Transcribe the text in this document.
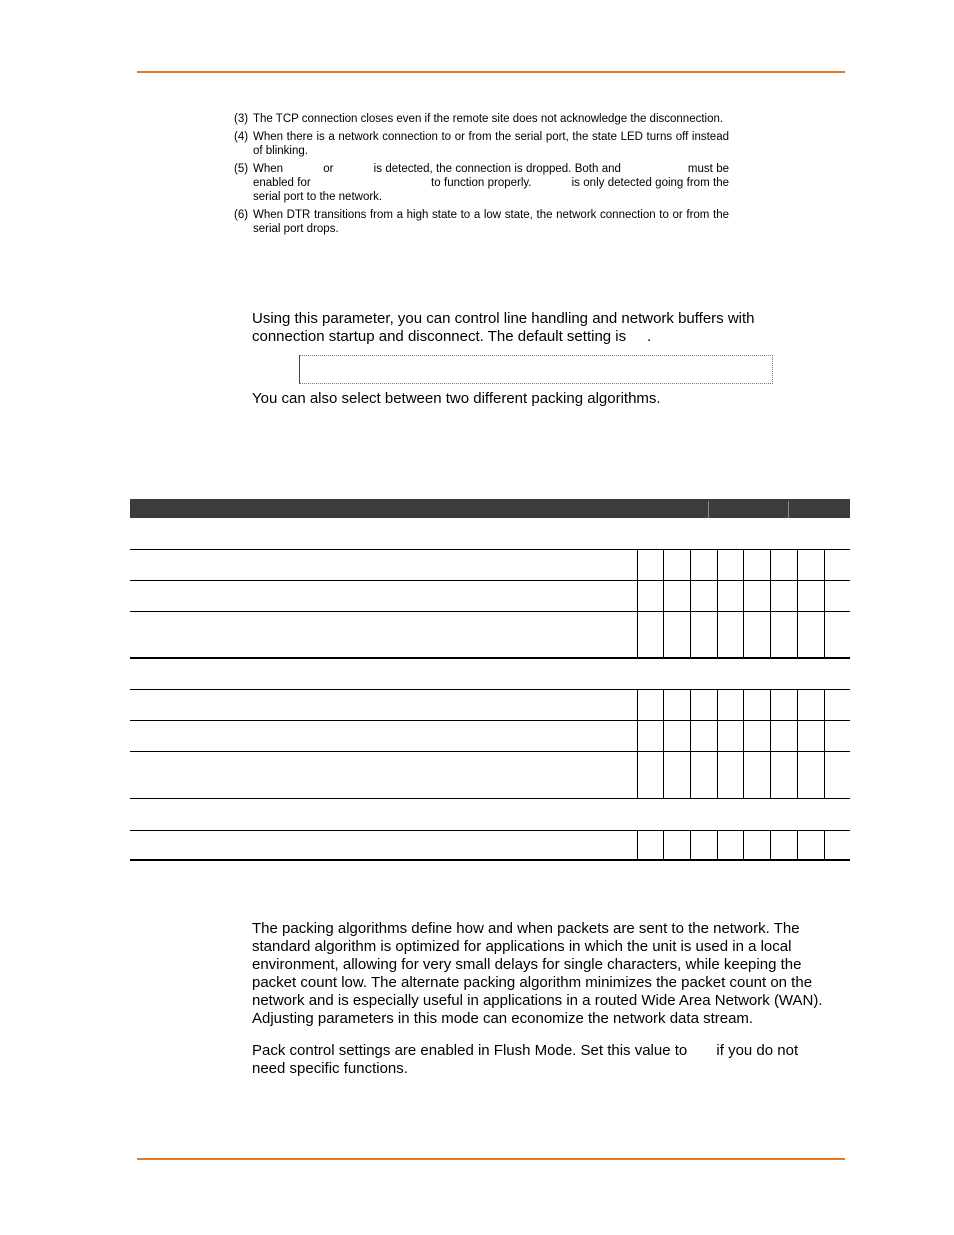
(3) The TCP connection closes even if the remote site does not acknowledge the disconnection.
(4) When there is a network connection to or from the serial port, the state LED turns off instead of blinking.
(5) When            or            is detected, the connection is dropped. Both and                    must be enabled for                                    to function properly.            is only detected going from the serial port to the network.
(6) When DTR transitions from a high state to a low state, the network connection to or from the serial port drops.
Using this parameter, you can control line handling and network buffers with connection startup and disconnect. The default setting is     .
You can also select between two different packing algorithms.
The packing algorithms define how and when packets are sent to the network. The standard algorithm is optimized for applications in which the unit is used in a local environment, allowing for very small delays for single characters, while keeping the packet count low. The alternate packing algorithm minimizes the packet count on the network and is especially useful in applications in a routed Wide Area Network (WAN). Adjusting parameters in this mode can economize the network data stream.
Pack control settings are enabled in Flush Mode. Set this value to       if you do not need specific functions.
